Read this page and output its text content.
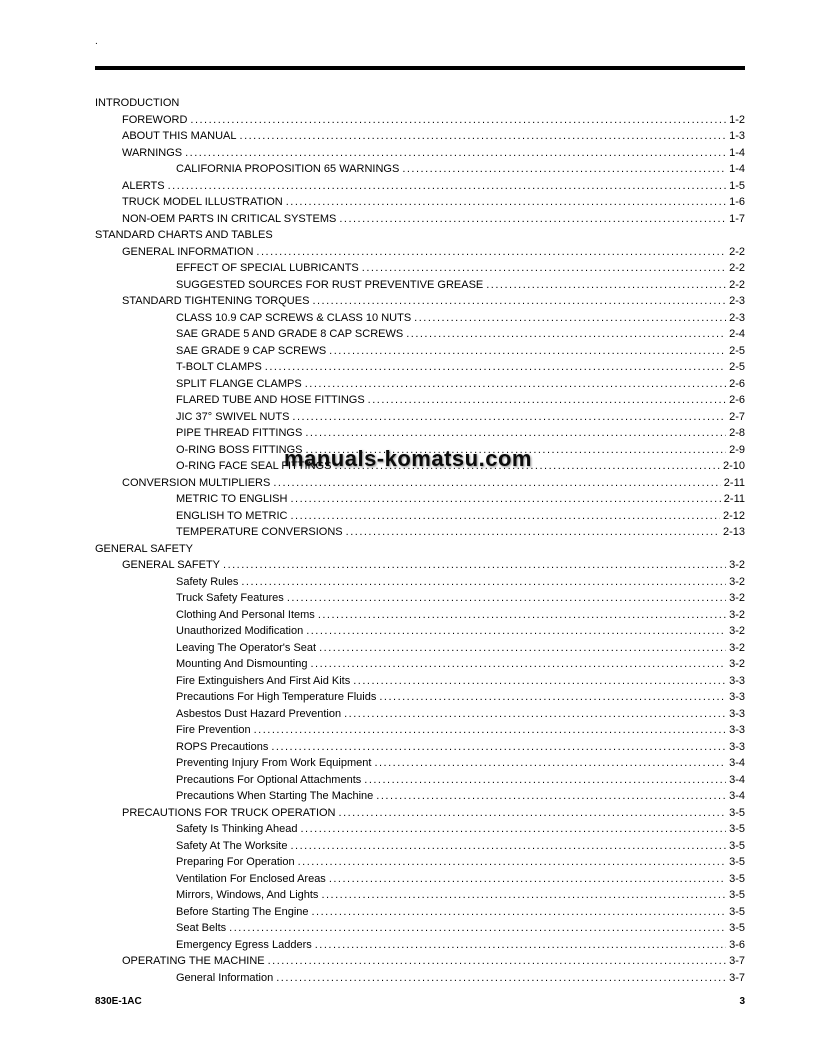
.
INTRODUCTION
FOREWORD .....	1-2
ABOUT THIS MANUAL .....	1-3
WARNINGS .....	1-4
CALIFORNIA PROPOSITION 65 WARNINGS .....	1-4
ALERTS .....	1-5
TRUCK MODEL ILLUSTRATION .....	1-6
NON-OEM PARTS IN CRITICAL SYSTEMS .....	1-7
STANDARD CHARTS AND TABLES
GENERAL INFORMATION .....	2-2
EFFECT OF SPECIAL LUBRICANTS .....	2-2
SUGGESTED SOURCES FOR RUST PREVENTIVE GREASE .....	2-2
STANDARD TIGHTENING TORQUES .....	2-3
CLASS 10.9 CAP SCREWS & CLASS 10 NUTS .....	2-3
SAE GRADE 5 AND GRADE 8 CAP SCREWS .....	2-4
SAE GRADE 9 CAP SCREWS .....	2-5
T-BOLT CLAMPS .....	2-5
SPLIT FLANGE CLAMPS .....	2-6
FLARED TUBE AND HOSE FITTINGS .....	2-6
JIC 37° SWIVEL NUTS .....	2-7
PIPE THREAD FITTINGS .....	2-8
O-RING BOSS FITTINGS .....	2-9
O-RING FACE SEAL FITTINGS .....	2-10
CONVERSION MULTIPLIERS .....	2-11
METRIC TO ENGLISH .....	2-11
ENGLISH TO METRIC .....	2-12
TEMPERATURE CONVERSIONS .....	2-13
GENERAL SAFETY
GENERAL SAFETY .....	3-2
Safety Rules .....	3-2
Truck Safety Features .....	3-2
Clothing And Personal Items .....	3-2
Unauthorized Modification .....	3-2
Leaving The Operator's Seat .....	3-2
Mounting And Dismounting .....	3-2
Fire Extinguishers And First Aid Kits .....	3-3
Precautions For High Temperature Fluids .....	3-3
Asbestos Dust Hazard Prevention .....	3-3
Fire Prevention .....	3-3
ROPS Precautions .....	3-3
Preventing Injury From Work Equipment .....	3-4
Precautions For Optional Attachments .....	3-4
Precautions When Starting The Machine .....	3-4
PRECAUTIONS FOR TRUCK OPERATION .....	3-5
Safety Is Thinking Ahead .....	3-5
Safety At The Worksite .....	3-5
Preparing For Operation .....	3-5
Ventilation For Enclosed Areas .....	3-5
Mirrors, Windows, And Lights .....	3-5
Before Starting The Engine .....	3-5
Seat Belts .....	3-5
Emergency Egress Ladders .....	3-6
OPERATING THE MACHINE .....	3-7
General Information .....	3-7
manuals-komatsu.com
830E-1AC	3
